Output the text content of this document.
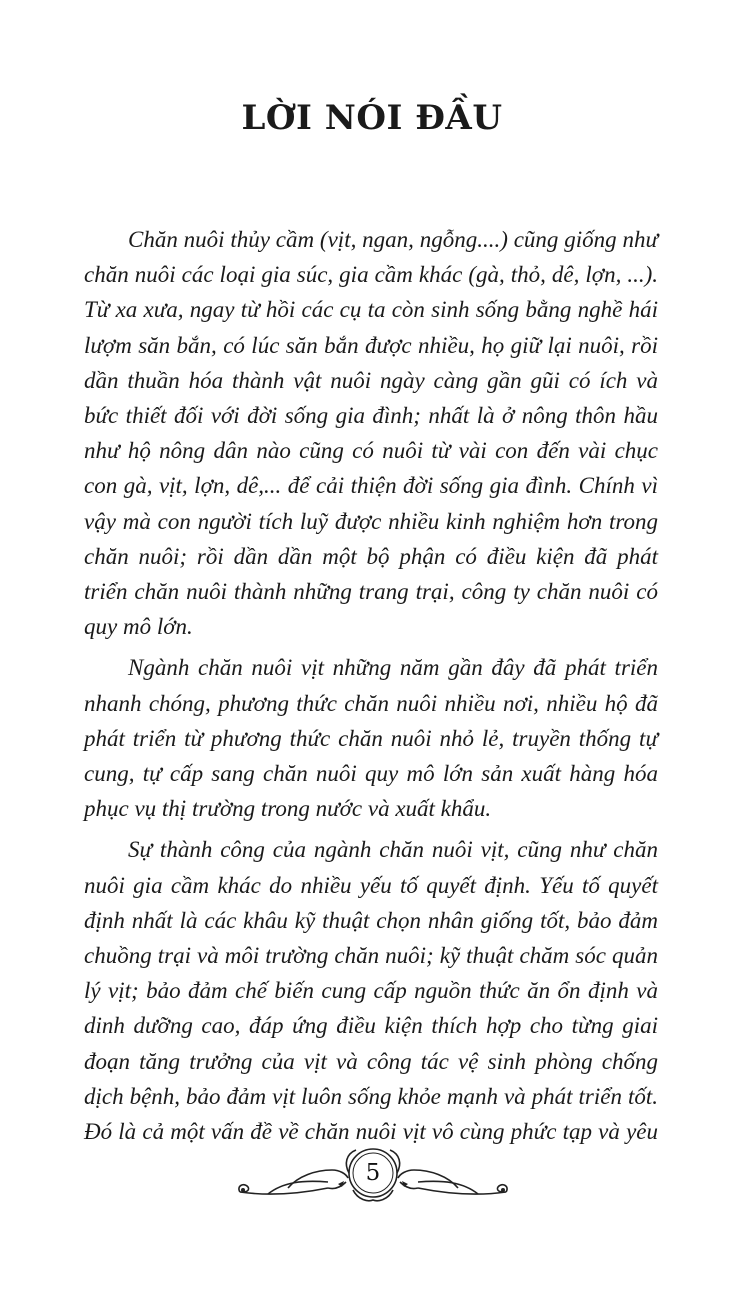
LỜI NÓI ĐẦU

Chăn nuôi thủy cầm (vịt, ngan, ngỗng....) cũng giống như chăn nuôi các loại gia súc, gia cầm khác (gà, thỏ, dê, lợn, ...). Từ xa xưa, ngay từ hồi các cụ ta còn sinh sống bằng nghề hái lượm săn bắn, có lúc săn bắn được nhiều, họ giữ lại nuôi, rồi dần thuần hóa thành vật nuôi ngày càng gần gũi có ích và bức thiết đối với đời sống gia đình; nhất là ở nông thôn hầu như hộ nông dân nào cũng có nuôi từ vài con đến vài chục con gà, vịt, lợn, dê,... để cải thiện đời sống gia đình. Chính vì vậy mà con người tích luỹ được nhiều kinh nghiệm hơn trong chăn nuôi; rồi dần dần một bộ phận có điều kiện đã phát triển chăn nuôi thành những trang trại, công ty chăn nuôi có quy mô lớn.

Ngành chăn nuôi vịt những năm gần đây đã phát triển nhanh chóng, phương thức chăn nuôi nhiều nơi, nhiều hộ đã phát triển từ phương thức chăn nuôi nhỏ lẻ, truyền thống tự cung, tự cấp sang chăn nuôi quy mô lớn sản xuất hàng hóa phục vụ thị trường trong nước và xuất khẩu.

Sự thành công của ngành chăn nuôi vịt, cũng như chăn nuôi gia cầm khác do nhiều yếu tố quyết định. Yếu tố quyết định nhất là các khâu kỹ thuật chọn nhân giống tốt, bảo đảm chuồng trại và môi trường chăn nuôi; kỹ thuật chăm sóc quản lý vịt; bảo đảm chế biến cung cấp nguồn thức ăn ổn định và dinh dưỡng cao, đáp ứng điều kiện thích hợp cho từng giai đoạn tăng trưởng của vịt và công tác vệ sinh phòng chống dịch bệnh, bảo đảm vịt luôn sống khỏe mạnh và phát triển tốt. Đó là cả một vấn đề về chăn nuôi vịt vô cùng phức tạp và yêu

5
